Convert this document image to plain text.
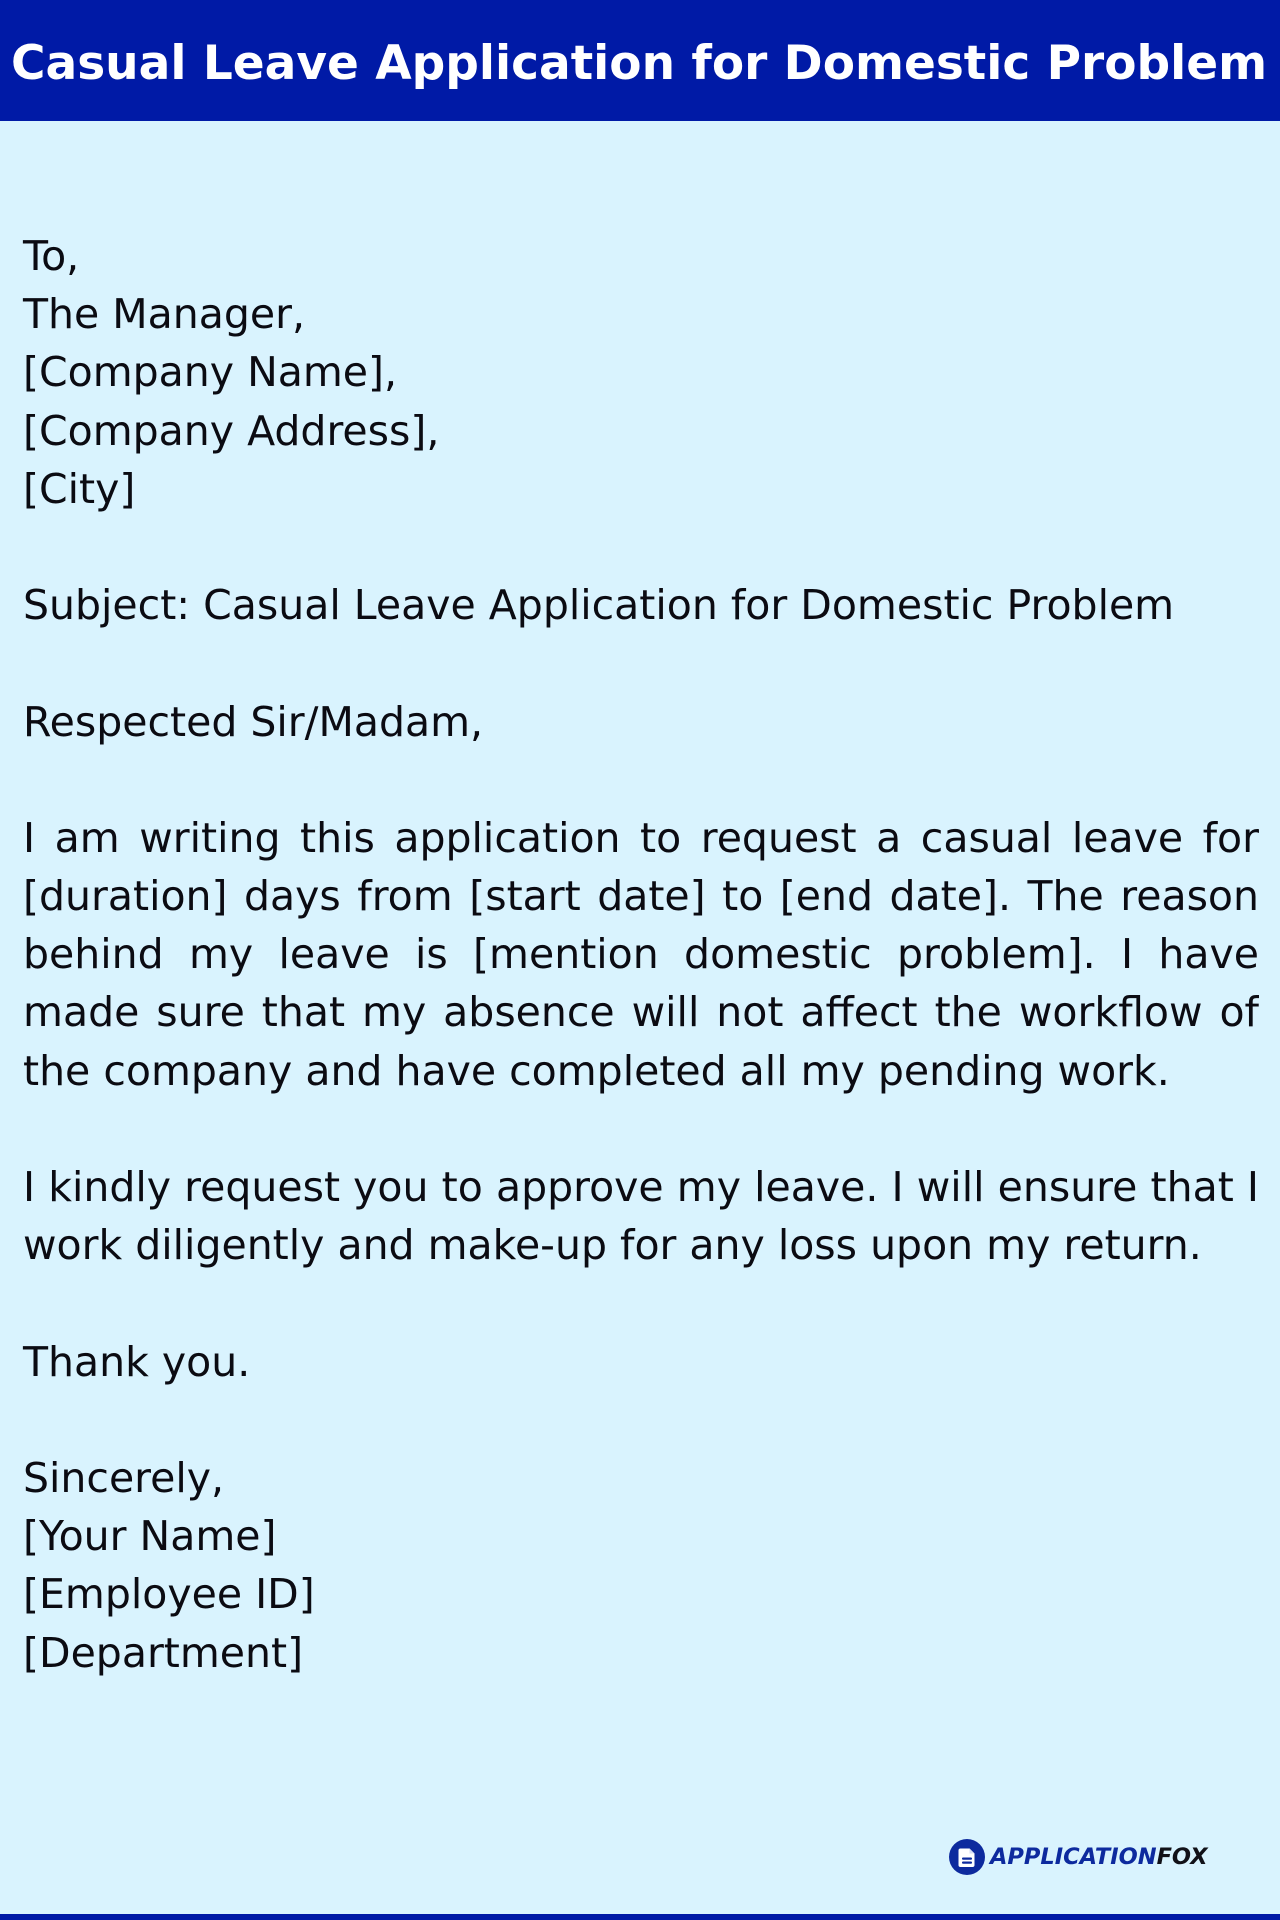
Casual Leave Application for Domestic Problem
To,
The Manager,
[Company Name],
[Company Address],
[City]

Subject: Casual Leave Application for Domestic Problem

Respected Sir/Madam,

I am writing this application to request a casual leave for
[duration] days from [start date] to [end date]. The reason
behind my leave is [mention domestic problem]. I have
made sure that my absence will not affect the workflow of
the company and have completed all my pending work.

I kindly request you to approve my leave. I will ensure that I
work diligently and make-up for any loss upon my return.

Thank you.

Sincerely,
[Your Name]
[Employee ID]
[Department]
APPLICATIONFOX
